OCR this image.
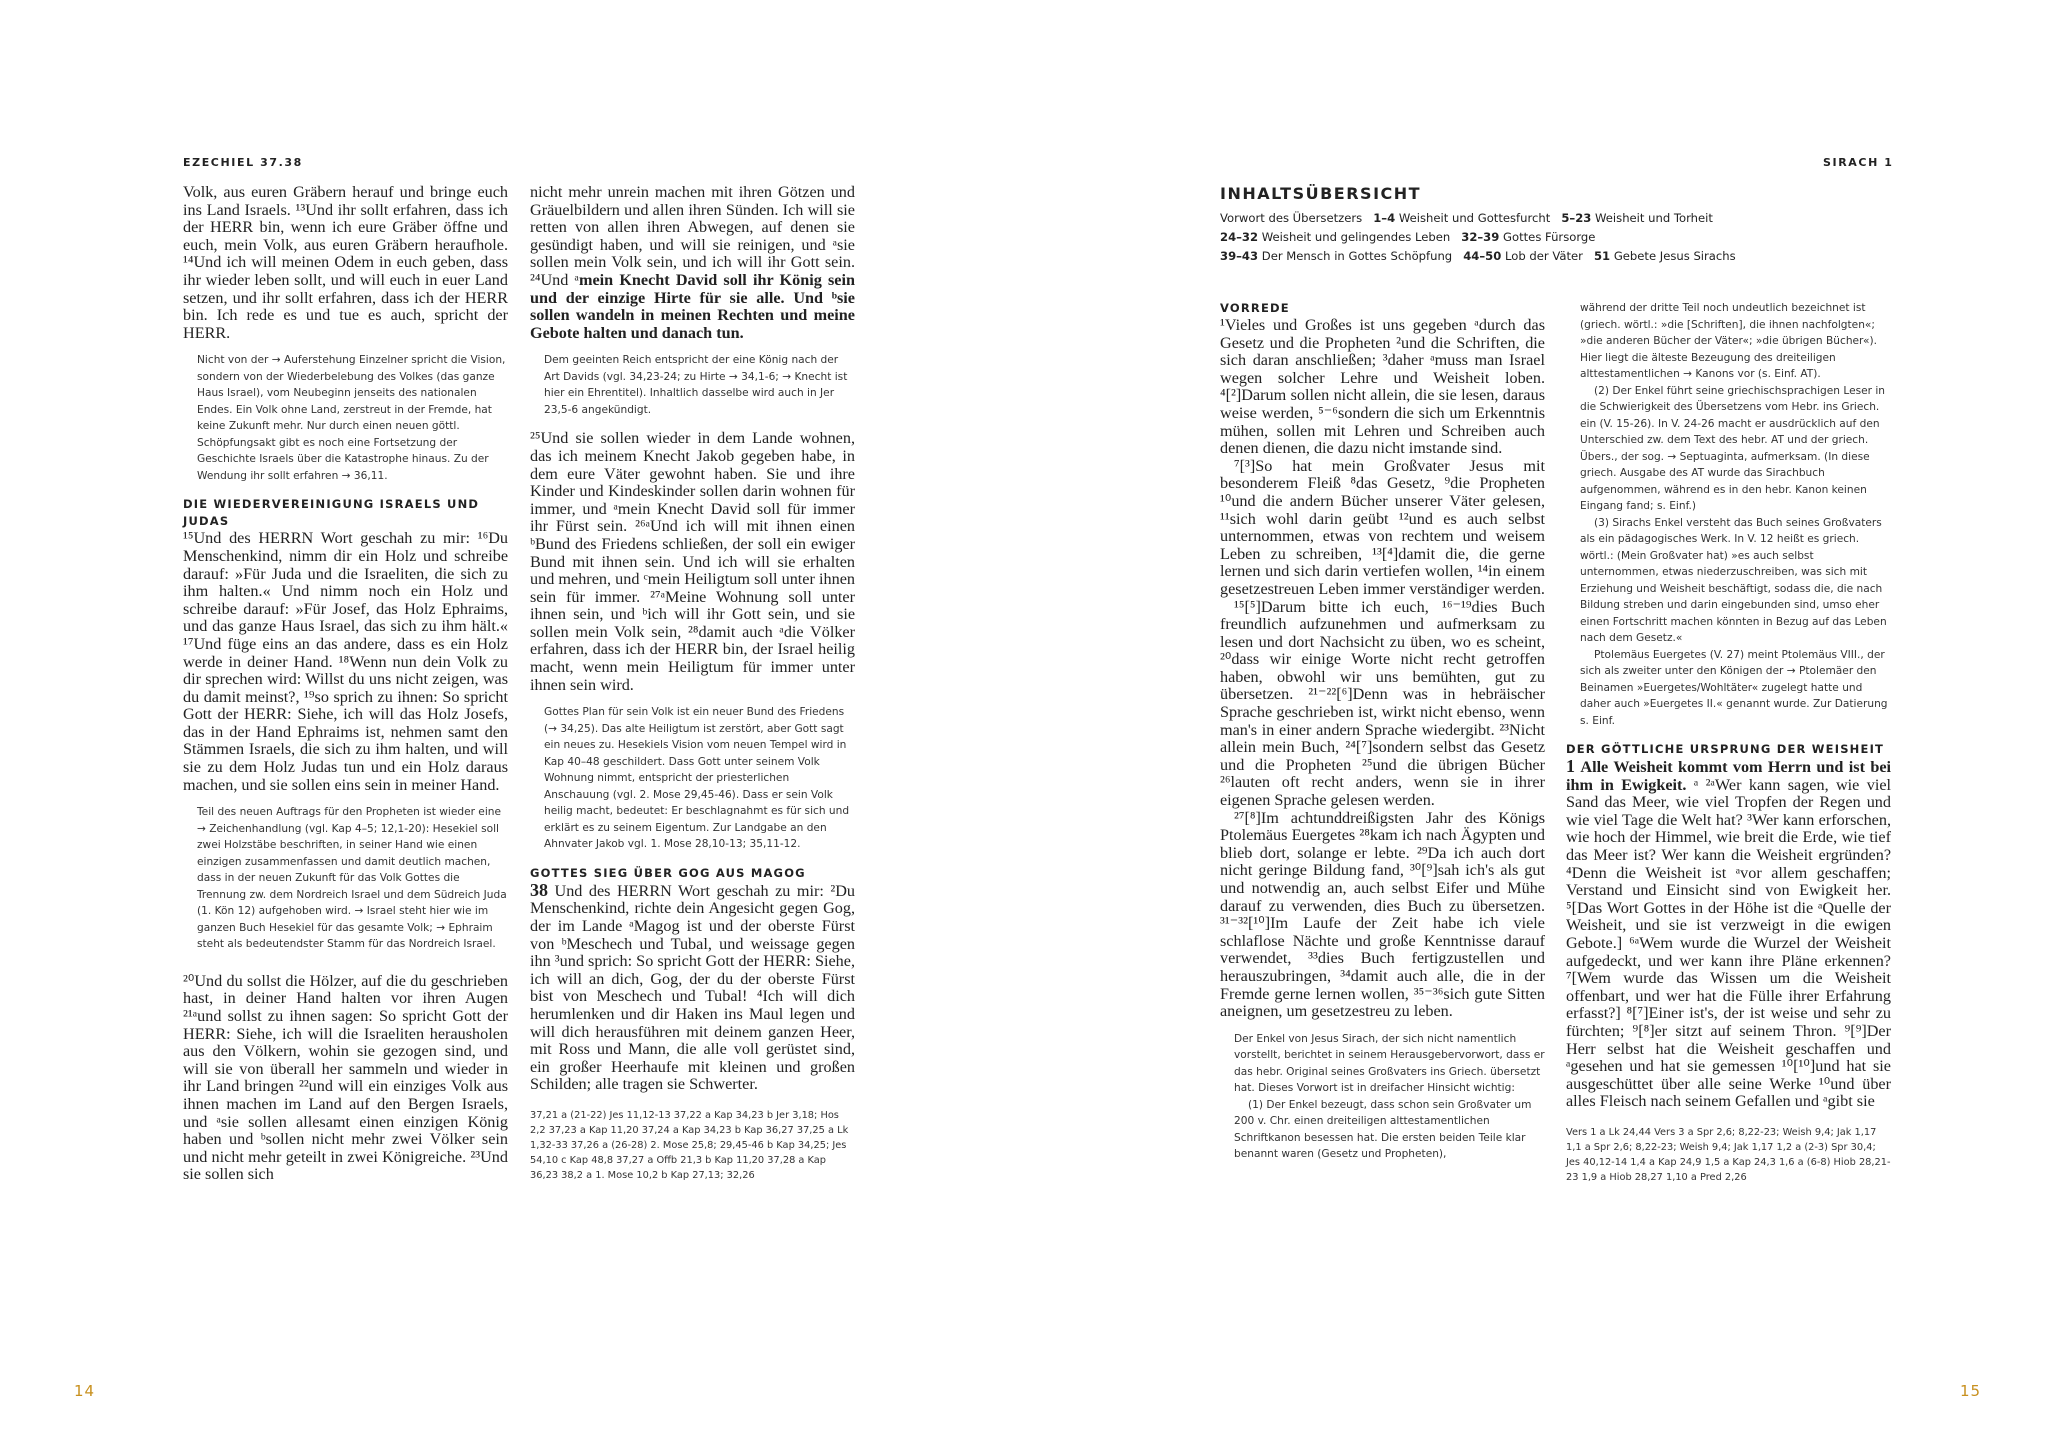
EZECHIEL 37.38

Volk, aus euren Gräbern herauf und bringe euch ins Land Israels. ¹³Und ihr sollt erfahren, dass ich der HERR bin, wenn ich eure Gräber öffne und euch, mein Volk, aus euren Gräbern heraufhole. ¹⁴Und ich will meinen Odem in euch geben, dass ihr wieder leben sollt, und will euch in euer Land setzen, und ihr sollt erfahren, dass ich der HERR bin. Ich rede es und tue es auch, spricht der HERR.

Nicht von der → Auferstehung Einzelner spricht die Vision, sondern von der Wiederbelebung des Volkes (das ganze Haus Israel), vom Neubeginn jenseits des nationalen Endes. Ein Volk ohne Land, zerstreut in der Fremde, hat keine Zukunft mehr. Nur durch einen neuen göttl. Schöpfungsakt gibt es noch eine Fortsetzung der Geschichte Israels über die Katastrophe hinaus. Zu der Wendung ihr sollt erfahren → 36,11.
DIE WIEDERVEREINIGUNG ISRAELS UND JUDAS

¹⁵Und des HERRN Wort geschah zu mir: ¹⁶Du Menschenkind, nimm dir ein Holz und schreibe darauf: »Für Juda und die Israeliten, die sich zu ihm halten.« Und nimm noch ein Holz und schreibe darauf: »Für Josef, das Holz Ephraims, und das ganze Haus Israel, das sich zu ihm hält.« ¹⁷Und füge eins an das andere, dass es ein Holz werde in deiner Hand. ¹⁸Wenn nun dein Volk zu dir sprechen wird: Willst du uns nicht zeigen, was du damit meinst?, ¹⁹so sprich zu ihnen: So spricht Gott der HERR: Siehe, ich will das Holz Josefs, das in der Hand Ephraims ist, nehmen samt den Stämmen Israels, die sich zu ihm halten, und will sie zu dem Holz Judas tun und ein Holz daraus machen, und sie sollen eins sein in meiner Hand.

Teil des neuen Auftrags für den Propheten ist wieder eine → Zeichenhandlung (vgl. Kap 4–5; 12,1-20): Hesekiel soll zwei Holzstäbe beschriften, in seiner Hand wie einen einzigen zusammenfassen und damit deutlich machen, dass in der neuen Zukunft für das Volk Gottes die Trennung zw. dem Nordreich Israel und dem Südreich Juda (1. Kön 12) aufgehoben wird. → Israel steht hier wie im ganzen Buch Hesekiel für das gesamte Volk; → Ephraim steht als bedeutendster Stamm für das Nordreich Israel.

²⁰Und du sollst die Hölzer, auf die du geschrieben hast, in deiner Hand halten vor ihren Augen ²¹ᵃund sollst zu ihnen sagen: So spricht Gott der HERR: Siehe, ich will die Israeliten herausholen aus den Völkern, wohin sie gezogen sind, und will sie von überall her sammeln und wieder in ihr Land bringen ²²und will ein einziges Volk aus ihnen machen im Land auf den Bergen Israels, und ᵃsie sollen allesamt einen einzigen König haben und ᵇsollen nicht mehr zwei Völker sein und nicht mehr geteilt in zwei Königreiche. ²³Und sie sollen sich

nicht mehr unrein machen mit ihren Götzen und Gräuelbildern und allen ihren Sünden. Ich will sie retten von allen ihren Abwegen, auf denen sie gesündigt haben, und will sie reinigen, und ᵃsie sollen mein Volk sein, und ich will ihr Gott sein. ²⁴Und ᵃmein Knecht David soll ihr König sein und der einzige Hirte für sie alle. Und ᵇsie sollen wandeln in meinen Rechten und meine Gebote halten und danach tun.

Dem geeinten Reich entspricht der eine König nach der Art Davids (vgl. 34,23-24; zu Hirte → 34,1-6; → Knecht ist hier ein Ehrentitel). Inhaltlich dasselbe wird auch in Jer 23,5-6 angekündigt.

²⁵Und sie sollen wieder in dem Lande wohnen, das ich meinem Knecht Jakob gegeben habe, in dem eure Väter gewohnt haben. Sie und ihre Kinder und Kindeskinder sollen darin wohnen für immer, und ᵃmein Knecht David soll für immer ihr Fürst sein. ²⁶ᵃUnd ich will mit ihnen einen ᵇBund des Friedens schließen, der soll ein ewiger Bund mit ihnen sein. Und ich will sie erhalten und mehren, und ᶜmein Heiligtum soll unter ihnen sein für immer. ²⁷ᵃMeine Wohnung soll unter ihnen sein, und ᵇich will ihr Gott sein, und sie sollen mein Volk sein, ²⁸damit auch ᵃdie Völker erfahren, dass ich der HERR bin, der Israel heilig macht, wenn mein Heiligtum für immer unter ihnen sein wird.

Gottes Plan für sein Volk ist ein neuer Bund des Friedens (→ 34,25). Das alte Heiligtum ist zerstört, aber Gott sagt ein neues zu. Hesekiels Vision vom neuen Tempel wird in Kap 40–48 geschildert. Dass Gott unter seinem Volk Wohnung nimmt, entspricht der priesterlichen Anschauung (vgl. 2. Mose 29,45-46). Dass er sein Volk heilig macht, bedeutet: Er beschlagnahmt es für sich und erklärt es zu seinem Eigentum. Zur Landgabe an den Ahnvater Jakob vgl. 1. Mose 28,10-13; 35,11-12.
GOTTES SIEG ÜBER GOG AUS MAGOG

38 Und des HERRN Wort geschah zu mir: ²Du Menschenkind, richte dein Angesicht gegen Gog, der im Lande ᵃMagog ist und der oberste Fürst von ᵇMeschech und Tubal, und weissage gegen ihn ³und sprich: So spricht Gott der HERR: Siehe, ich will an dich, Gog, der du der oberste Fürst bist von Meschech und Tubal! ⁴Ich will dich herumlenken und dir Haken ins Maul legen und will dich herausführen mit deinem ganzen Heer, mit Ross und Mann, die alle voll gerüstet sind, ein großer Heerhaufe mit kleinen und großen Schilden; alle tragen sie Schwerter.

37,21 a (21-22) Jes 11,12-13 37,22 a Kap 34,23 b Jer 3,18; Hos 2,2 37,23 a Kap 11,20 37,24 a Kap 34,23 b Kap 36,27 37,25 a Lk 1,32-33 37,26 a (26-28) 2. Mose 25,8; 29,45-46 b Kap 34,25; Jes 54,10 c Kap 48,8 37,27 a Offb 21,3 b Kap 11,20 37,28 a Kap 36,23 38,2 a 1. Mose 10,2 b Kap 27,13; 32,26
14
SIRACH 1
INHALTSÜBERSICHT
Vorwort des Übersetzers 1–4 Weisheit und Gottesfurcht 5–23 Weisheit und Torheit
24–32 Weisheit und gelingendes Leben 32–39 Gottes Fürsorge
39–43 Der Mensch in Gottes Schöpfung 44–50 Lob der Väter 51 Gebete Jesus Sirachs
VORREDE

¹Vieles und Großes ist uns gegeben ᵃdurch das Gesetz und die Propheten ²und die Schriften, die sich daran anschließen; ³daher ᵃmuss man Israel wegen solcher Lehre und Weisheit loben. ⁴[²]Darum sollen nicht allein, die sie lesen, daraus weise werden, ⁵⁻⁶sondern die sich um Erkenntnis mühen, sollen mit Lehren und Schreiben auch denen dienen, die dazu nicht imstande sind.

⁷[³]So hat mein Großvater Jesus mit besonderem Fleiß ⁸das Gesetz, ⁹die Propheten ¹⁰und die andern Bücher unserer Väter gelesen, ¹¹sich wohl darin geübt ¹²und es auch selbst unternommen, etwas von rechtem und weisem Leben zu schreiben, ¹³[⁴]damit die, die gerne lernen und sich darin vertiefen wollen, ¹⁴in einem gesetzestreuen Leben immer verständiger werden.

¹⁵[⁵]Darum bitte ich euch, ¹⁶⁻¹⁹dies Buch freundlich aufzunehmen und aufmerksam zu lesen und dort Nachsicht zu üben, wo es scheint, ²⁰dass wir einige Worte nicht recht getroffen haben, obwohl wir uns bemühten, gut zu übersetzen. ²¹⁻²²[⁶]Denn was in hebräischer Sprache geschrieben ist, wirkt nicht ebenso, wenn man's in einer andern Sprache wiedergibt. ²³Nicht allein mein Buch, ²⁴[⁷]sondern selbst das Gesetz und die Propheten ²⁵und die übrigen Bücher ²⁶lauten oft recht anders, wenn sie in ihrer eigenen Sprache gelesen werden.

²⁷[⁸]Im achtunddreißigsten Jahr des Königs Ptolemäus Euergetes ²⁸kam ich nach Ägypten und blieb dort, solange er lebte. ²⁹Da ich auch dort nicht geringe Bildung fand, ³⁰[⁹]sah ich's als gut und notwendig an, auch selbst Eifer und Mühe darauf zu verwenden, dies Buch zu übersetzen. ³¹⁻³²[¹⁰]Im Laufe der Zeit habe ich viele schlaflose Nächte und große Kenntnisse darauf verwendet, ³³dies Buch fertigzustellen und herauszubringen, ³⁴damit auch alle, die in der Fremde gerne lernen wollen, ³⁵⁻³⁶sich gute Sitten aneignen, um gesetzestreu zu leben.

Der Enkel von Jesus Sirach, der sich nicht namentlich vorstellt, berichtet in seinem Herausgebervorwort, dass er das hebr. Original seines Großvaters ins Griech. übersetzt hat. Dieses Vorwort ist in dreifacher Hinsicht wichtig:
(1) Der Enkel bezeugt, dass schon sein Großvater um 200 v. Chr. einen dreiteiligen alttestamentlichen Schriftkanon besessen hat. Die ersten beiden Teile klar benannt waren (Gesetz und Propheten),
während der dritte Teil noch undeutlich bezeichnet ist (griech. wörtl.: »die [Schriften], die ihnen nachfolgten«; »die anderen Bücher der Väter«; »die übrigen Bücher«). Hier liegt die älteste Bezeugung des dreiteiligen alttestamentlichen → Kanons vor (s. Einf. AT).
(2) Der Enkel führt seine griechischsprachigen Leser in die Schwierigkeit des Übersetzens vom Hebr. ins Griech. ein (V. 15-26). In V. 24-26 macht er ausdrücklich auf den Unterschied zw. dem Text des hebr. AT und der griech. Übers., der sog. → Septuaginta, aufmerksam. (In diese griech. Ausgabe des AT wurde das Sirachbuch aufgenommen, während es in den hebr. Kanon keinen Eingang fand; s. Einf.)
(3) Sirachs Enkel versteht das Buch seines Großvaters als ein pädagogisches Werk. In V. 12 heißt es griech. wörtl.: (Mein Großvater hat) »es auch selbst unternommen, etwas niederzuschreiben, was sich mit Erziehung und Weisheit beschäftigt, sodass die, die nach Bildung streben und darin eingebunden sind, umso eher einen Fortschritt machen könnten in Bezug auf das Leben nach dem Gesetz.«
Ptolemäus Euergetes (V. 27) meint Ptolemäus VIII., der sich als zweiter unter den Königen der → Ptolemäer den Beinamen »Euergetes/Wohltäter« zugelegt hatte und daher auch »Euergetes II.« genannt wurde. Zur Datierung s. Einf.
DER GÖTTLICHE URSPRUNG DER WEISHEIT

1 Alle Weisheit kommt vom Herrn und ist bei ihm in Ewigkeit. ᵃ ²ᵃWer kann sagen, wie viel Sand das Meer, wie viel Tropfen der Regen und wie viel Tage die Welt hat? ³Wer kann erforschen, wie hoch der Himmel, wie breit die Erde, wie tief das Meer ist? Wer kann die Weisheit ergründen? ⁴Denn die Weisheit ist ᵃvor allem geschaffen; Verstand und Einsicht sind von Ewigkeit her. ⁵[Das Wort Gottes in der Höhe ist die ᵃQuelle der Weisheit, und sie ist verzweigt in die ewigen Gebote.] ⁶ᵃWem wurde die Wurzel der Weisheit aufgedeckt, und wer kann ihre Pläne erkennen? ⁷[Wem wurde das Wissen um die Weisheit offenbart, und wer hat die Fülle ihrer Erfahrung erfasst?] ⁸[⁷]Einer ist's, der ist weise und sehr zu fürchten; ⁹[⁸]er sitzt auf seinem Thron. ⁹[⁹]Der Herr selbst hat die Weisheit geschaffen und ᵃgesehen und hat sie gemessen ¹⁰[¹⁰]und hat sie ausgeschüttet über alle seine Werke ¹⁰und über alles Fleisch nach seinem Gefallen und ᵃgibt sie

Vers 1 a Lk 24,44 Vers 3 a Spr 2,6; 8,22-23; Weish 9,4; Jak 1,17 1,1 a Spr 2,6; 8,22-23; Weish 9,4; Jak 1,17 1,2 a (2-3) Spr 30,4; Jes 40,12-14 1,4 a Kap 24,9 1,5 a Kap 24,3 1,6 a (6-8) Hiob 28,21-23 1,9 a Hiob 28,27 1,10 a Pred 2,26
15
